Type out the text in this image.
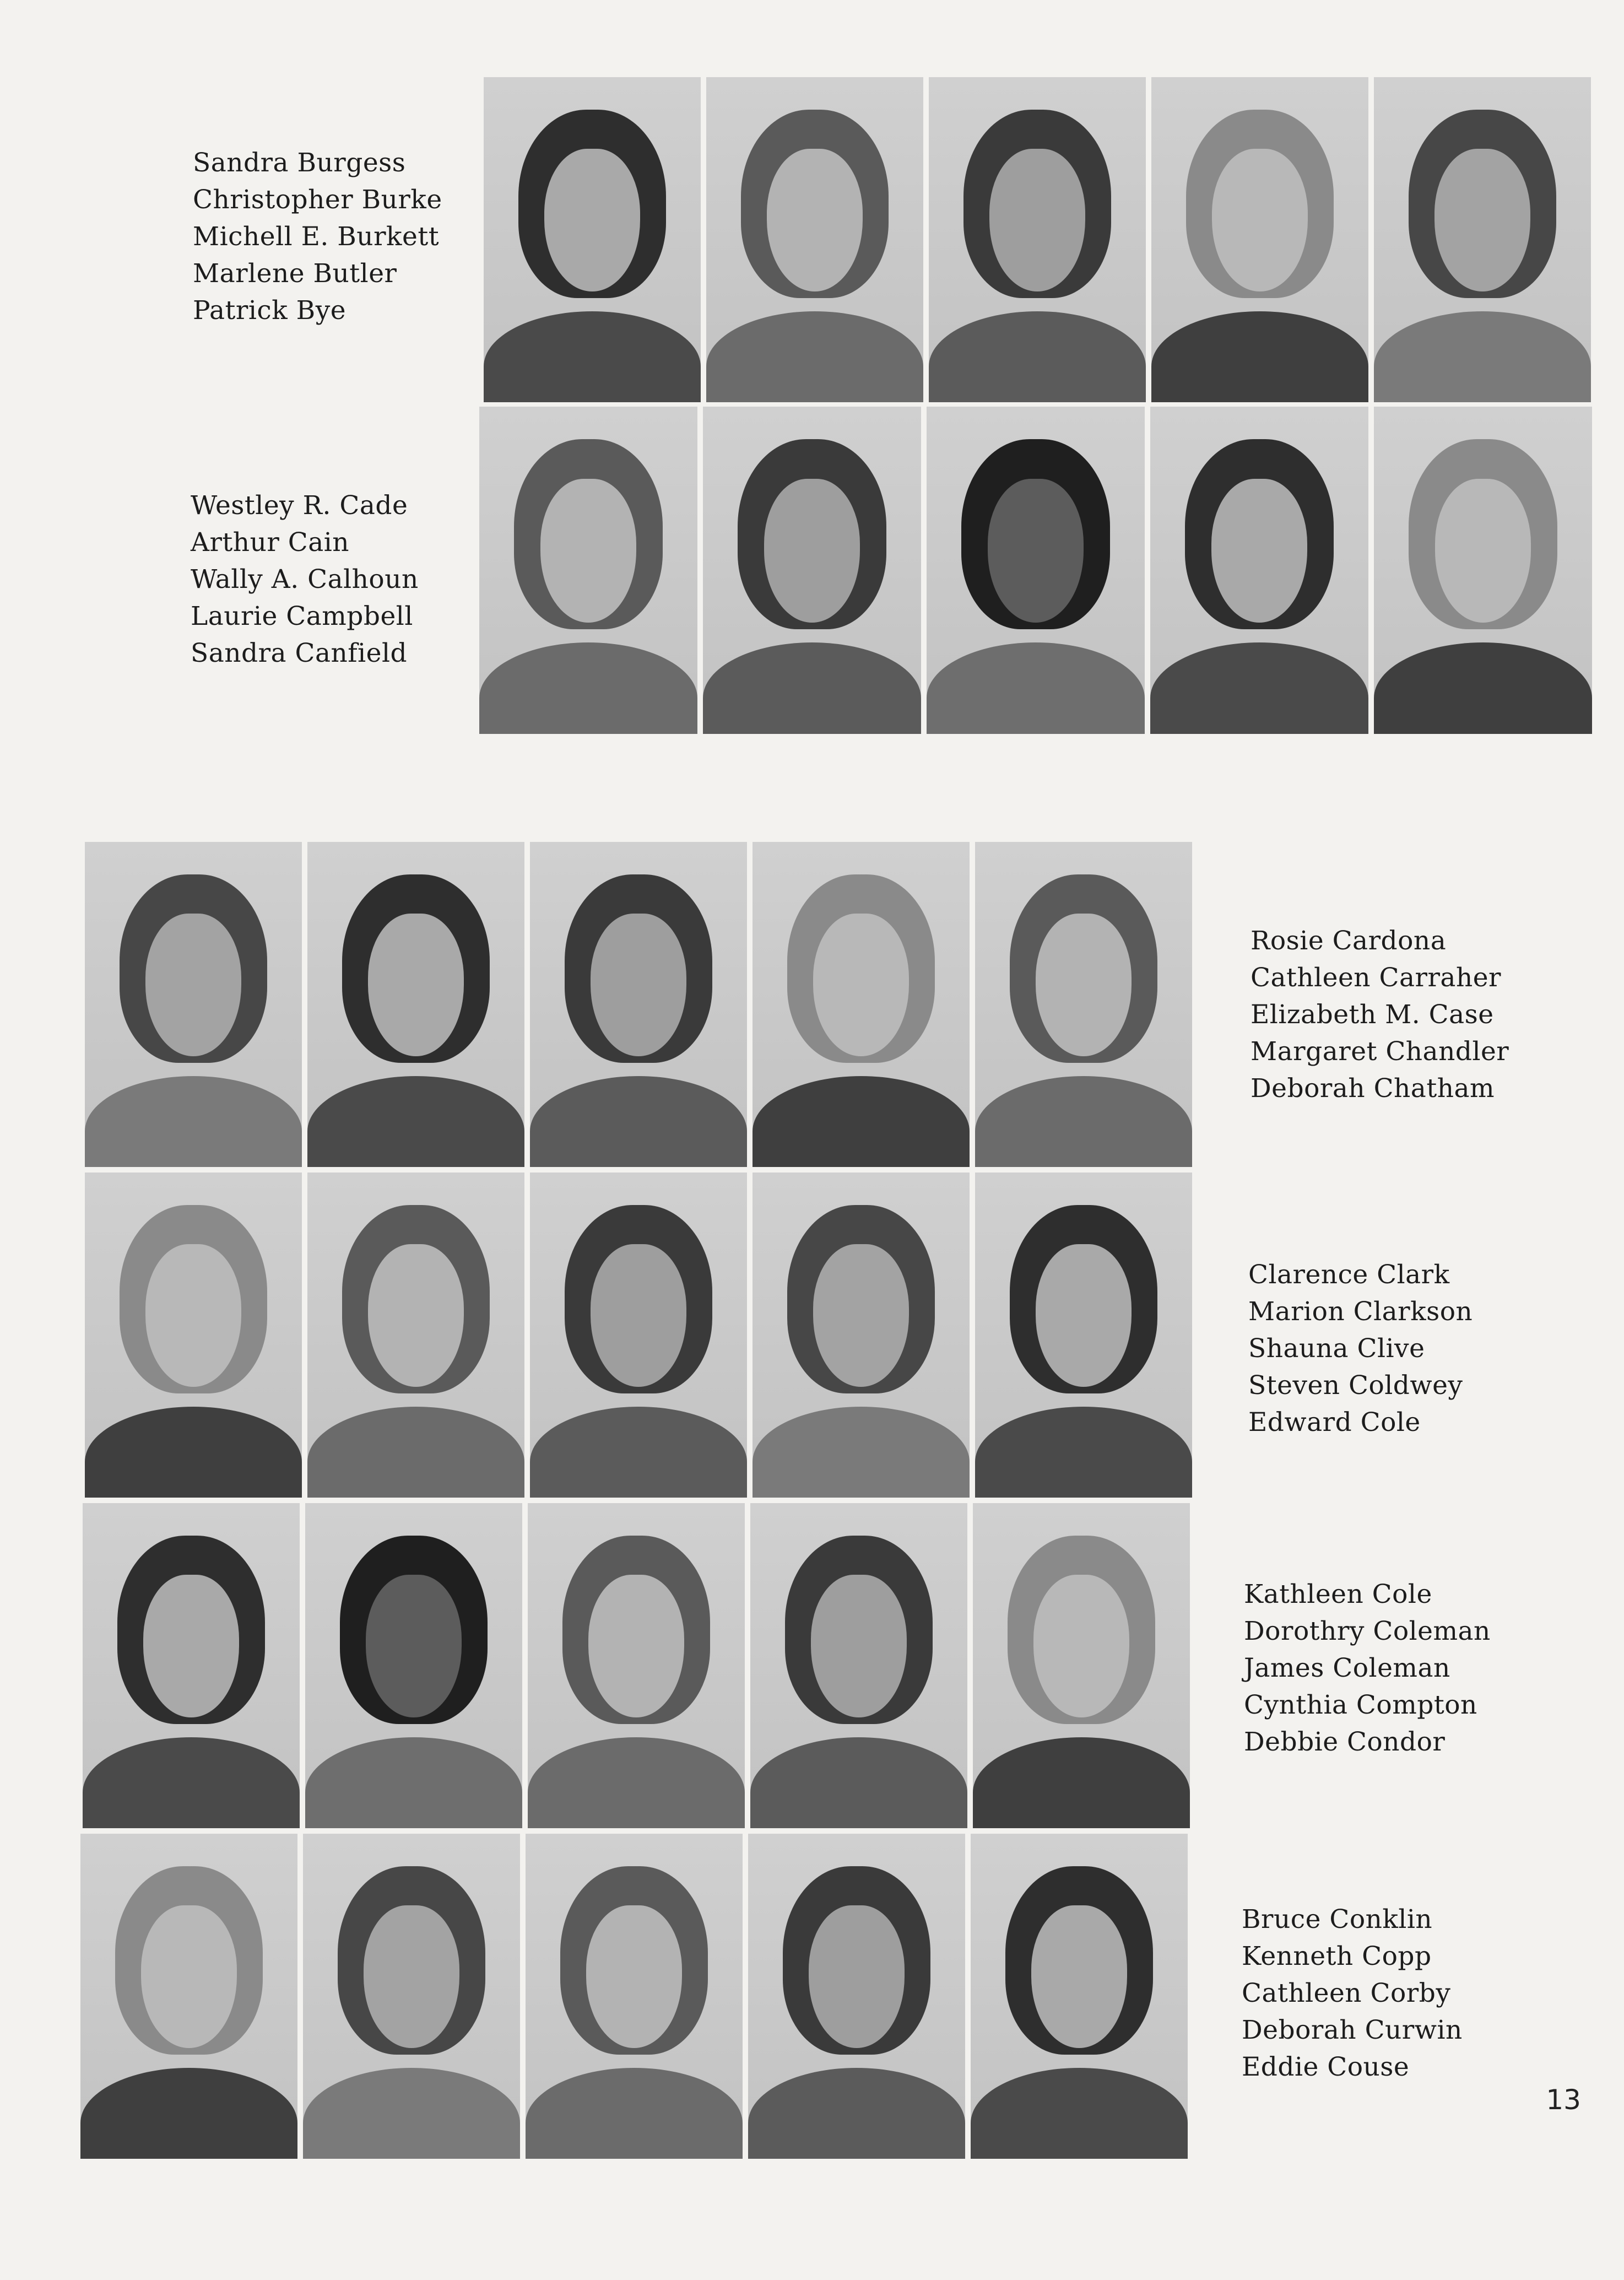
Sandra Burgess
Christopher Burke
Michell E. Burkett
Marlene Butler
Patrick Bye
Westley R. Cade
Arthur Cain
Wally A. Calhoun
Laurie Campbell
Sandra Canfield
Rosie Cardona
Cathleen Carraher
Elizabeth M. Case
Margaret Chandler
Deborah Chatham
Clarence Clark
Marion Clarkson
Shauna Clive
Steven Coldwey
Edward Cole
Kathleen Cole
Dorothry Coleman
James Coleman
Cynthia Compton
Debbie Condor
Bruce Conklin
Kenneth Copp
Cathleen Corby
Deborah Curwin
Eddie Couse
13
